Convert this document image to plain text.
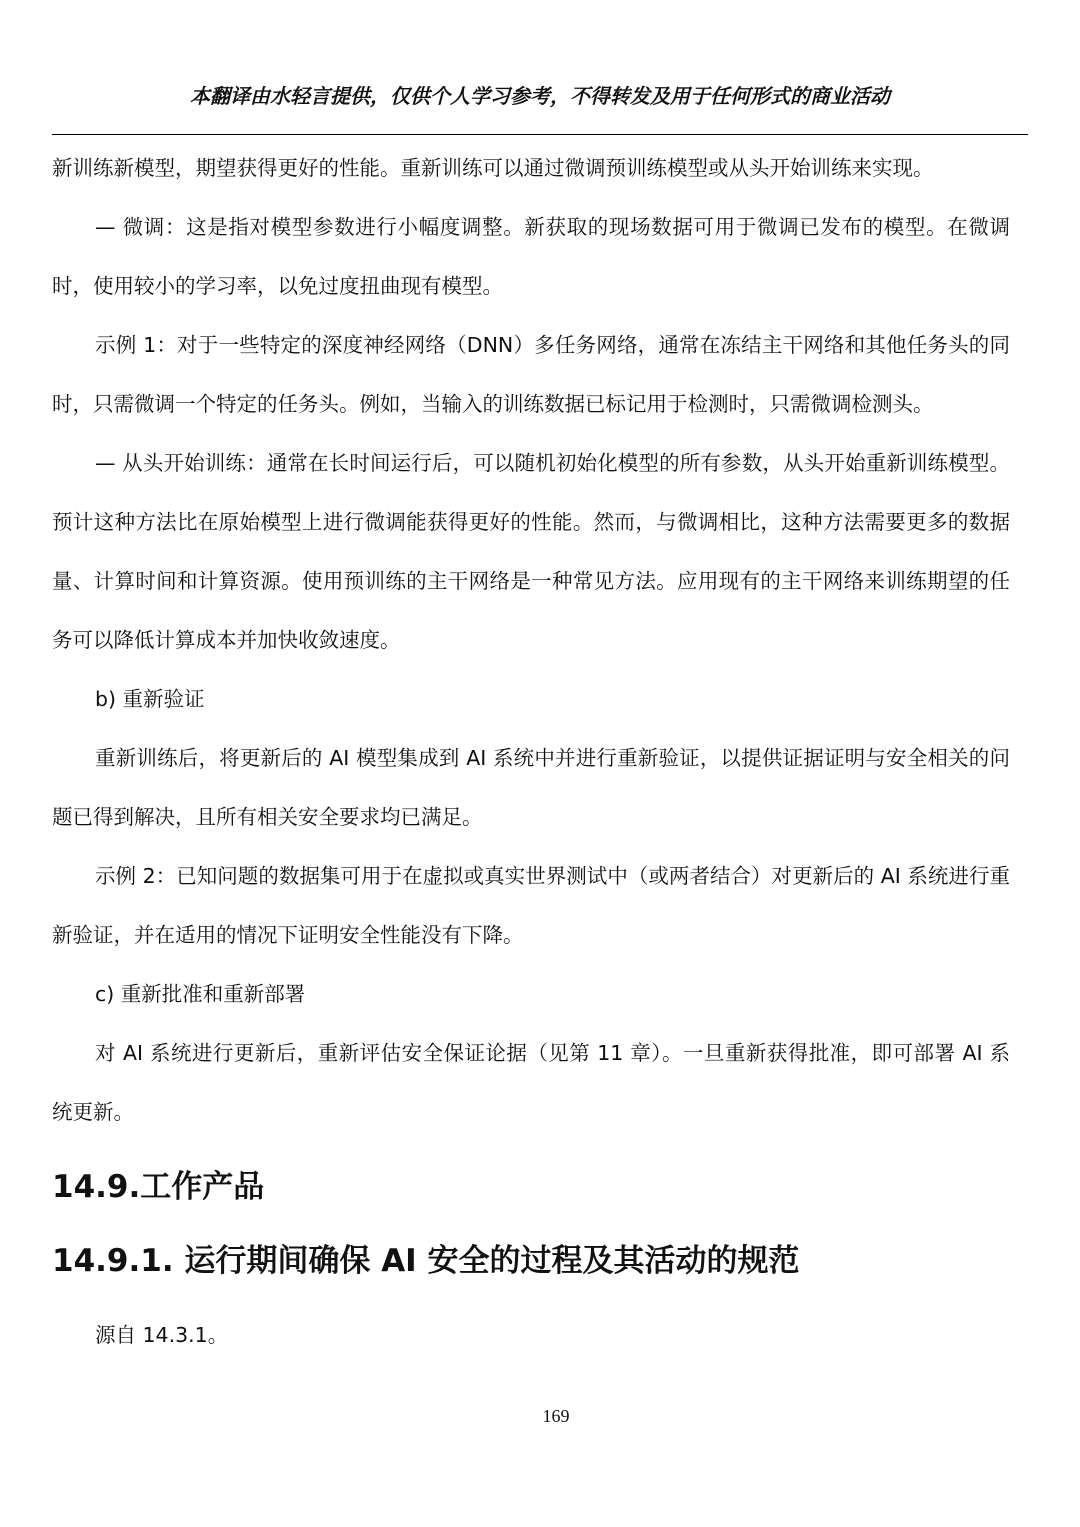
本翻译由水轻言提供，仅供个人学习参考，不得转发及用于任何形式的商业活动

新训练新模型，期望获得更好的性能。重新训练可以通过微调预训练模型或从头开始训练来实现。

— 微调：这是指对模型参数进行小幅度调整。新获取的现场数据可用于微调已发布的模型。在微调时，使用较小的学习率，以免过度扭曲现有模型。

示例 1：对于一些特定的深度神经网络（DNN）多任务网络，通常在冻结主干网络和其他任务头的同时，只需微调一个特定的任务头。例如，当输入的训练数据已标记用于检测时，只需微调检测头。

— 从头开始训练：通常在长时间运行后，可以随机初始化模型的所有参数，从头开始重新训练模型。预计这种方法比在原始模型上进行微调能获得更好的性能。然而，与微调相比，这种方法需要更多的数据量、计算时间和计算资源。使用预训练的主干网络是一种常见方法。应用现有的主干网络来训练期望的任务可以降低计算成本并加快收敛速度。

b) 重新验证

重新训练后，将更新后的 AI 模型集成到 AI 系统中并进行重新验证，以提供证据证明与安全相关的问题已得到解决，且所有相关安全要求均已满足。

示例 2：已知问题的数据集可用于在虚拟或真实世界测试中（或两者结合）对更新后的 AI 系统进行重新验证，并在适用的情况下证明安全性能没有下降。

c) 重新批准和重新部署

对 AI 系统进行更新后，重新评估安全保证论据（见第 11 章）。一旦重新获得批准，即可部署 AI 系统更新。

14.9.工作产品
14.9.1. 运行期间确保 AI 安全的过程及其活动的规范

源自 14.3.1。

169
